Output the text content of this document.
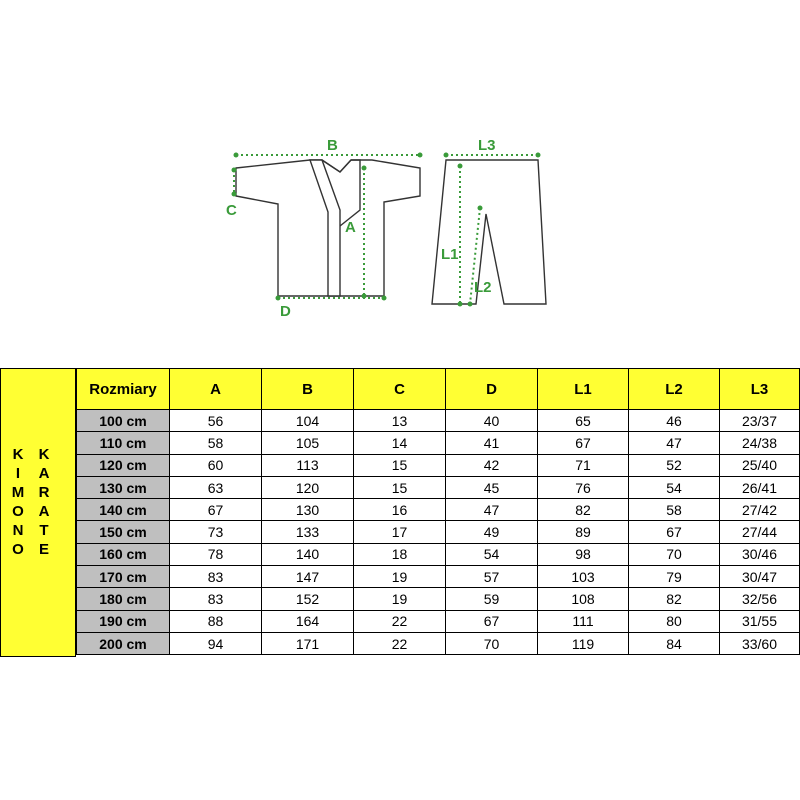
B
C
A
D
L3
L1
L2
K
I
M
O
N
O
K
A
R
A
T
E
Rozmiary	A	B	C	D	L1	L2	L3
100 cm	56	104	13	40	65	46	23/37
110 cm	58	105	14	41	67	47	24/38
120 cm	60	113	15	42	71	52	25/40
130 cm	63	120	15	45	76	54	26/41
140 cm	67	130	16	47	82	58	27/42
150 cm	73	133	17	49	89	67	27/44
160 cm	78	140	18	54	98	70	30/46
170 cm	83	147	19	57	103	79	30/47
180 cm	83	152	19	59	108	82	32/56
190 cm	88	164	22	67	111	80	31/55
200 cm	94	171	22	70	119	84	33/60
